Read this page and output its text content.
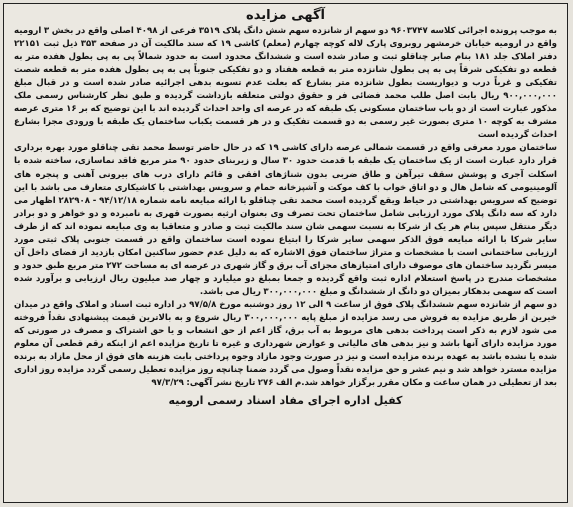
آگهی مزایده

به موجب پرونده اجرائی کلاسه ۹۶۰۳۷۴۷ دو سهم از شانزده سهم شش دانگ پلاک ۳۵۱۹ فرعی از ۴۰۹۸ اصلی واقع در بخش ۳ ارومیه واقع در ارومیه خیابان خرمشهر روبروی پارک لاله کوچه چهارم (معلم) کاشی ۱۹ که سند مالکیت آن در صفحه ۳۵۳ ذیل ثبت ۲۲۱۵۱ دفتر املاک جلد ۱۸۱ بنام صابر چناقلو ثبت و صادر شده است و ششدانگ محدود است به حدود شمالاً پی به پی بطول هفده متر به قطعه دو تفکیکی شرقاً پی به پی بطول شانزده متر به قطعه هفتاد و دو تفکیکی جنوباً پی به پی بطول هفده متر به قطعه شصت تفکیکی و غرباً درب و دیواریست بطول شانزده متر بشارع که بعلت عدم تسویه بدهی اجرائیه صادر شده است و در قبال مبلغ ۹۰۰,۰۰۰,۰۰۰ ریال بابت اصل طلب محمد فضائی فر و حقوق دولتی متعلقه بازداشت گردیده و طبق نظر کارشناس رسمی ملک مذکور عبارت است از دو باب ساختمان مسکونی یک طبقه که در عرصه ای واحد احداث گردیده اند با این توضیح که بر ۱۶ متری عرصه مشرف به کوچه ۱۰ متری بصورت غیر رسمی به دو قسمت تفکیک و در هر قسمت یکباب ساختمان یک طبقه با ورودی مجزا بشارع احداث گردیده است

ساختمان مورد معرفی واقع در قسمت شمالی عرصه دارای کاشی ۱۹ که در حال حاضر توسط محمد تقی چناقلو مورد بهره برداری قرار دارد عبارت است از یک ساختمان یک طبقه با قدمت حدود ۳۰ سال و زیربنای حدود ۹۰ متر مربع فاقد نماسازی، ساخته شده با اسکلت آجری و پوشش سقف تیرآهن و طاق ضربی بدون شناژهای افقی و قائم دارای درب های بیرونی آهنی و پنجره های آلومینیومی که شامل هال و دو اتاق خواب با کف موکت و آشپزخانه حمام و سرویس بهداشتی با کاشیکاری متعارف می باشد با این توضیح که سرویس بهداشتی در حیاط ویقع گردیده است محمد تقی چناقلو با ارائه مبایعه نامه شماره ۹۴/۱۲/۱۸ - ۲۸۲۹۰۸ اظهار می دارد که سه دانگ پلاک مورد ارزیابی شامل ساختمان تحت تصرف وی بعنوان ارثیه بصورت قهری به نامبرده و دو خواهر و دو برادر دیگر منتقل سپس بنام هر یک از شرکا به نسبت سهمی شان سند مالکیت ثبت و صادر و متعاقبا به وی مبایعه نموده اند که از طرف سایر شرکا با ارائه مبایعه فوق الذکر سهمی سایر شرکا را ابتیاع نموده است ساختمان واقع در قسمت جنوبی پلاک ثبتی مورد ارزیابی ساختمانی است با مشخصات و متراژ ساختمان فوق الاشاره که به دلیل عدم حضور ساکنین امکان بازدید از فضای داخل آن میسر نگردید ساختمان های موصوف دارای امتیازهای مجزای آب برق و گاز شهری در عرصه ای به مساحت ۲۷۲ متر مربع طبق حدود و مشخصات مندرج در پاسخ استعلام اداره ثبت واقع گردیده و جمعا بمبلغ دو میلیارد و چهار صد میلیون ریال ارزیابی و برآورد شده است که سهمی بدهکار بمیزان دو دانگ از ششدانگ و مبلغ ۳۰۰,۰۰۰,۰۰۰ ریال می باشد.

دو سهم از شانزده سهم ششدانگ پلاک فوق از ساعت ۹ الی ۱۲ روز دوشنبه مورخ ۹۷/۵/۸ در اداره ثبت اسناد و املاک واقع در میدان خیرین از طریق مزایده به فروش می رسد مزایده از مبلغ پایه ۳۰۰,۰۰۰,۰۰۰ ریال شروع و به بالاترین قیمت پیشنهادی نقداً فروخته می شود لازم به ذکر است پرداخت بدهی های مربوط به آب برق، گاز اعم از حق انشعاب و یا حق اشتراک و مصرف در صورتی که مورد مزایده دارای آنها باشد و نیز بدهی های مالیاتی و عوارض شهرداری و غیره تا تاریخ مزایده اعم از اینکه رقم قطعی آن معلوم شده یا نشده باشد به عهده برنده مزایده است و نیز در صورت وجود مازاد وجوه پرداختی بابت هزینه های فوق از محل مازاد به برنده مزایده مسترد خواهد شد و نیم عشر و حق مزایده نقداً وصول می گردد ضمنا چنانچه روز مزایده تعطیل رسمی گردد مزایده روز اداری بعد از تعطیلی در همان ساعت و مکان مقرر برگزار خواهد شد.م الف ۲۷۶ تاریخ نشر آگهی: ۹۷/۳/۲۹

کفیل اداره اجرای مفاد اسناد رسمی ارومیه
